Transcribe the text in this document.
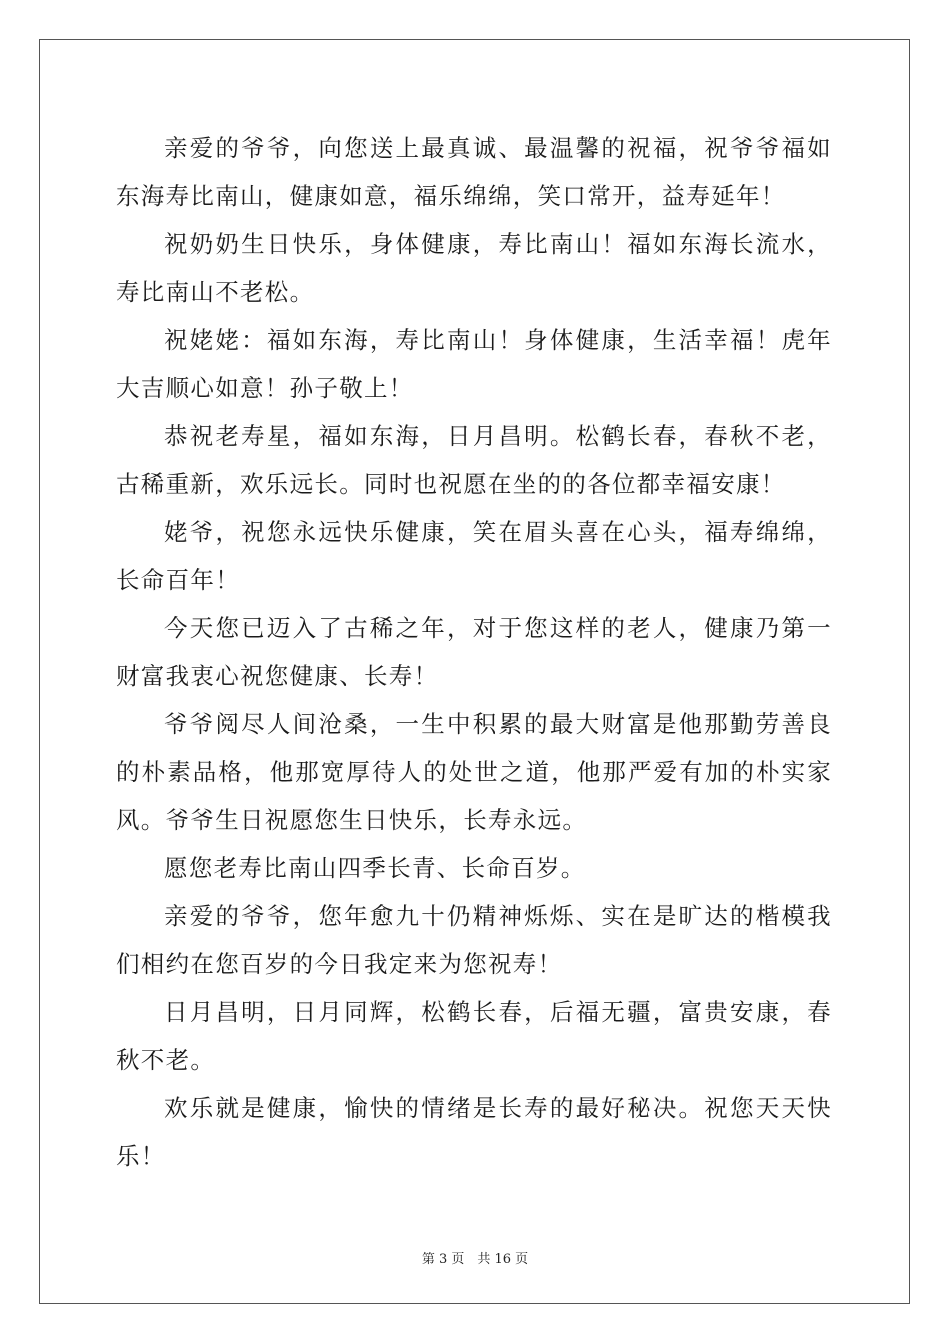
亲爱的爷爷，向您送上最真诚、最温馨的祝福，祝爷爷福如东海寿比南山，健康如意，福乐绵绵，笑口常开，益寿延年！

祝奶奶生日快乐，身体健康，寿比南山！福如东海长流水，寿比南山不老松。

祝姥姥：福如东海，寿比南山！身体健康，生活幸福！虎年大吉顺心如意！孙子敬上！

恭祝老寿星，福如东海，日月昌明。松鹤长春，春秋不老，古稀重新，欢乐远长。同时也祝愿在坐的的各位都幸福安康！

姥爷，祝您永远快乐健康，笑在眉头喜在心头，福寿绵绵，长命百年！

今天您已迈入了古稀之年，对于您这样的老人，健康乃第一财富我衷心祝您健康、长寿！

爷爷阅尽人间沧桑，一生中积累的最大财富是他那勤劳善良的朴素品格，他那宽厚待人的处世之道，他那严爱有加的朴实家风。爷爷生日祝愿您生日快乐，长寿永远。

愿您老寿比南山四季长青、长命百岁。

亲爱的爷爷，您年愈九十仍精神烁烁、实在是旷达的楷模我们相约在您百岁的今日我定来为您祝寿！

日月昌明，日月同辉，松鹤长春，后福无疆，富贵安康，春秋不老。

欢乐就是健康，愉快的情绪是长寿的最好秘决。祝您天天快乐！

第 3 页　共 16 页
